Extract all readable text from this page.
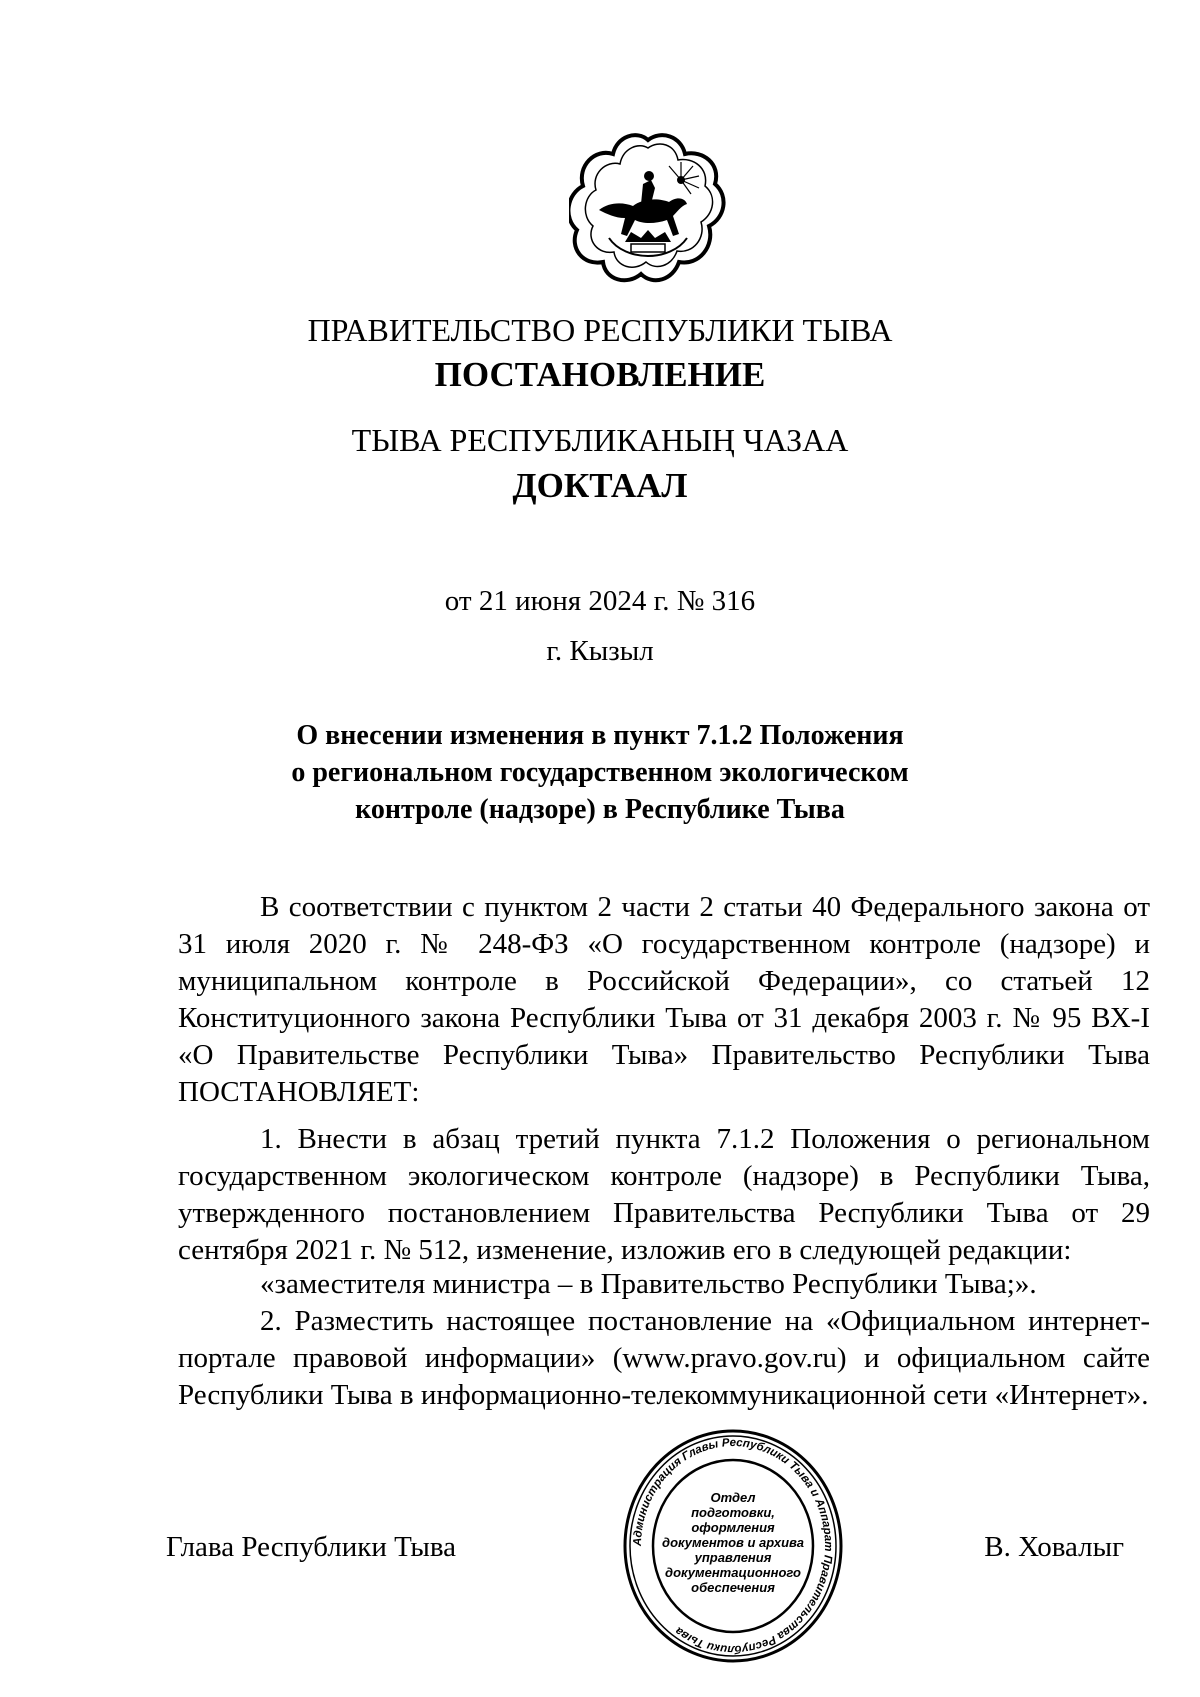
ПРАВИТЕЛЬСТВО РЕСПУБЛИКИ ТЫВА
ПОСТАНОВЛЕНИЕ
ТЫВА РЕСПУБЛИКАНЫҢ ЧАЗАА
ДОКТААЛ
от 21 июня 2024 г. № 316
г. Кызыл
О внесении изменения в пункт 7.1.2 Положения
о региональном государственном экологическом
контроле (надзоре) в Республике Тыва

В соответствии с пунктом 2 части 2 статьи 40 Федерального закона от 31 июля 2020 г. № 248-ФЗ «О государственном контроле (надзоре) и муниципальном контроле в Российской Федерации», со статьей 12 Конституционного закона Республики Тыва от 31 декабря 2003 г. № 95 ВХ-I «О Правительстве Республики Тыва» Правительство Республики Тыва ПОСТАНОВЛЯЕТ:

1. Внести в абзац третий пункта 7.1.2 Положения о региональном государственном экологическом контроле (надзоре) в Республики Тыва, утвержденного постановлением Правительства Республики Тыва от 29 сентября 2021 г. № 512, изменение, изложив его в следующей редакции:

«заместителя министра – в Правительство Республики Тыва;».

2. Разместить настоящее постановление на «Официальном интернет-портале правовой информации» (www.pravo.gov.ru) и официальном сайте Республики Тыва в информационно-телекоммуникационной сети «Интернет».

Глава Республики Тыва	Администрация Главы Республики Тыва и Аппарат Правительства Республики Тыва
Отдел
подготовки,
оформления
документов и архива
управления
документационного
обеспечения
В. Ховалыг
